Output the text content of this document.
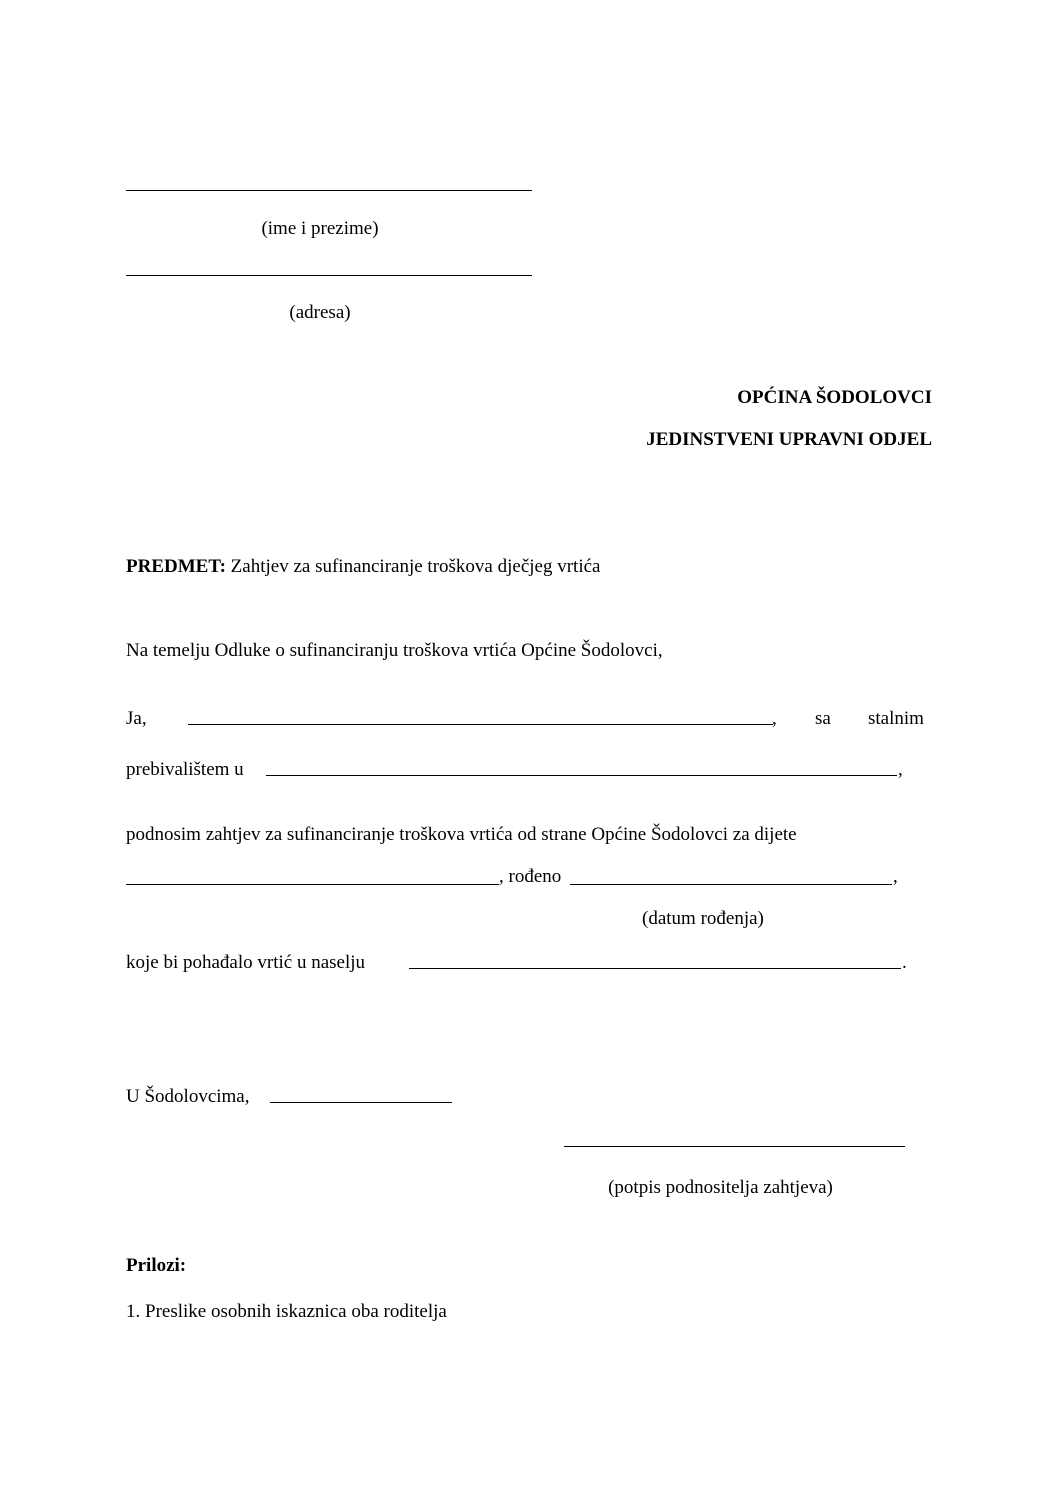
(ime i prezime)
(adresa)
OPĆINA ŠODOLOVCI
JEDINSTVENI UPRAVNI ODJEL
PREDMET: Zahtjev za sufinanciranje troškova dječjeg vrtića
Na temelju Odluke o sufinanciranju troškova vrtića Općine Šodolovci,
Ja,	, sa stalnim
prebivalištem u	,
podnosim zahtjev za sufinanciranje troškova vrtića od strane Općine Šodolovci za dijete
, rođeno	,
(datum rođenja)
koje bi pohađalo vrtić u naselju	.
U Šodolovcima,
(potpis podnositelja zahtjeva)
Prilozi:
1. Preslike osobnih iskaznica oba roditelja
